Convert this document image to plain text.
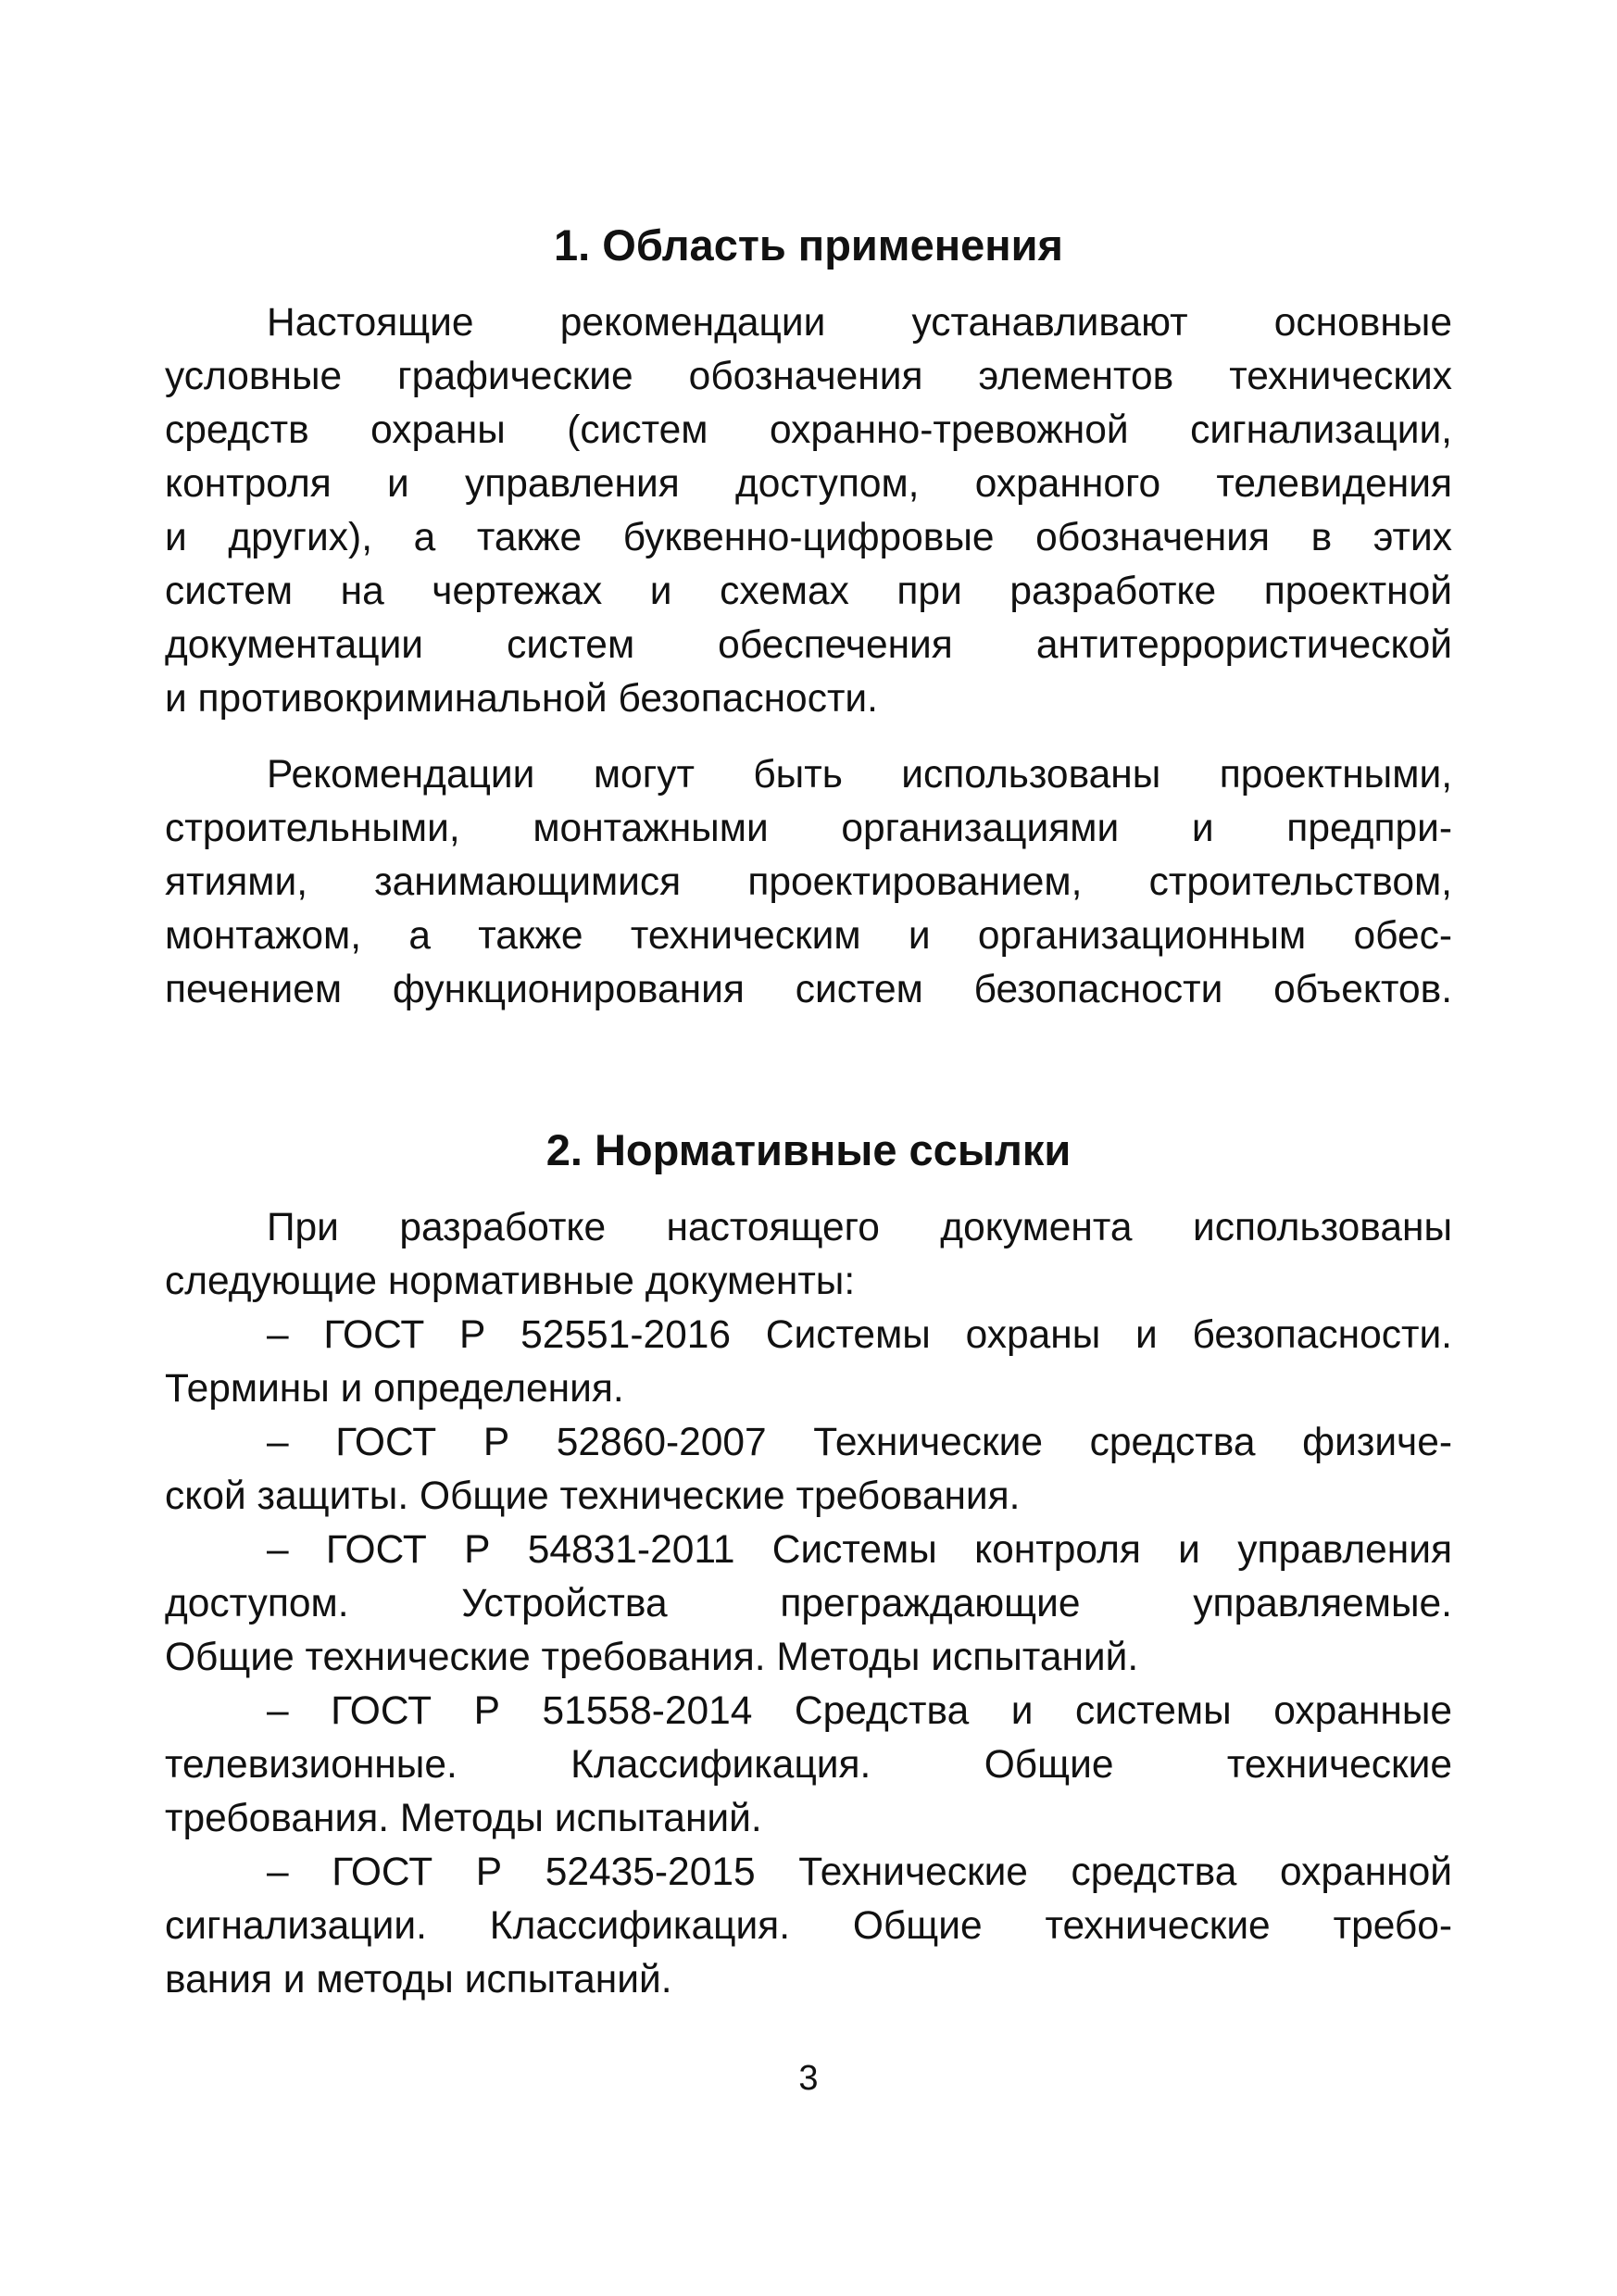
1. Область применения
Настоящие рекомендации устанавливают основные
условные графические обозначения элементов технических
средств охраны (систем охранно-тревожной сигнализации,
контроля и управления доступом, охранного телевидения
и других), а также буквенно-цифровые обозначения в этих
систем на чертежах и схемах при разработке проектной
документации систем обеспечения антитеррористической
и противокриминальной безопасности.
Рекомендации могут быть использованы проектными,
строительными, монтажными организациями и предпри-
ятиями, занимающимися проектированием, строительством,
монтажом, а также техническим и организационным обес-
печением функционирования систем безопасности объектов.
2. Нормативные ссылки
При разработке настоящего документа использованы
следующие нормативные документы:
– ГОСТ Р 52551-2016 Системы охраны и безопасности.
Термины и определения.
– ГОСТ Р 52860-2007 Технические средства физиче-
ской защиты. Общие технические требования.
– ГОСТ Р 54831-2011 Системы контроля и управления
доступом. Устройства преграждающие управляемые.
Общие технические требования. Методы испытаний.
– ГОСТ Р 51558-2014 Средства и системы охранные
телевизионные. Классификация. Общие технические
требования. Методы испытаний.
– ГОСТ Р 52435-2015 Технические средства охранной
сигнализации. Классификация. Общие технические требо-
вания и методы испытаний.
3
